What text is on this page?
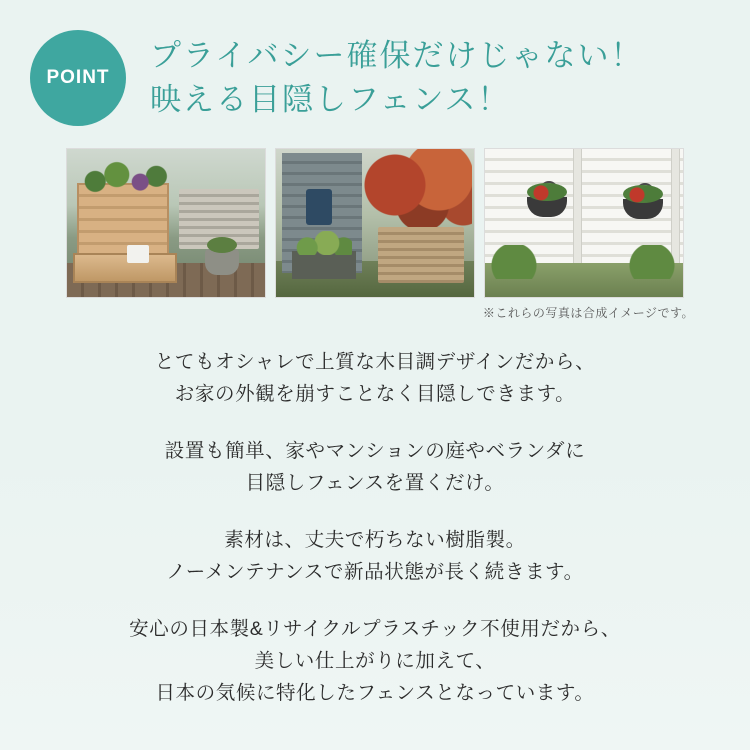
POINT
プライバシー確保だけじゃない！
映える目隠しフェンス！
※これらの写真は合成イメージです。
とてもオシャレで上質な木目調デザインだから、
お家の外観を崩すことなく目隠しできます。
設置も簡単、家やマンションの庭やベランダに
目隠しフェンスを置くだけ。
素材は、丈夫で朽ちない樹脂製。
ノーメンテナンスで新品状態が長く続きます。
安心の日本製&リサイクルプラスチック不使用だから、
美しい仕上がりに加えて、
日本の気候に特化したフェンスとなっています。
